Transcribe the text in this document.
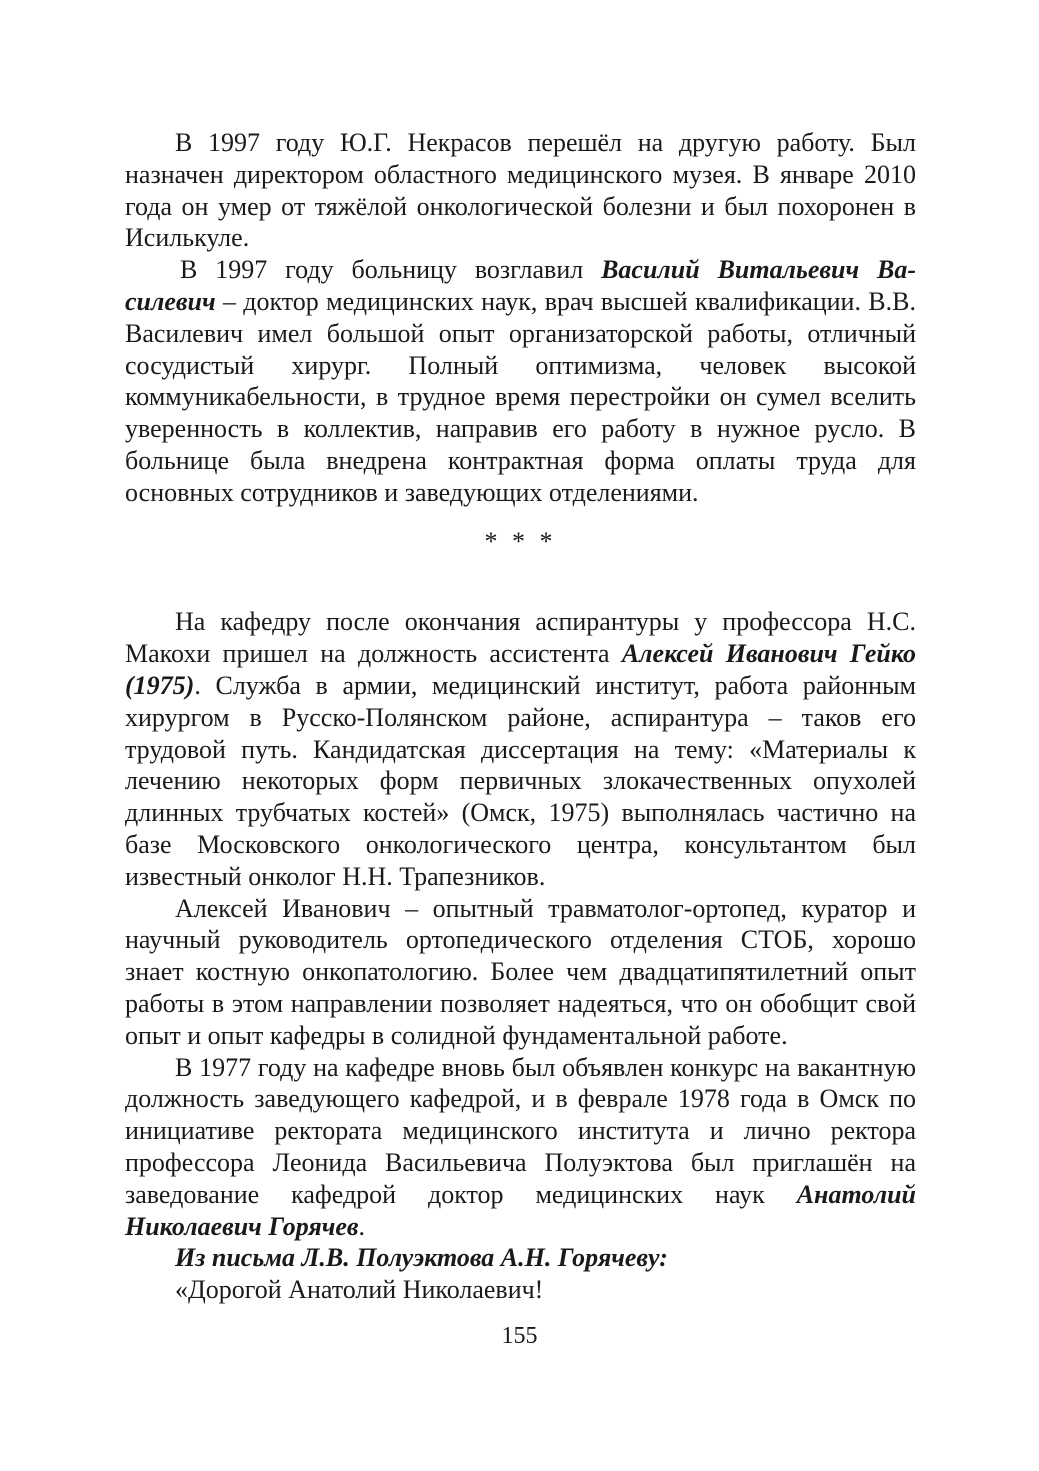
В 1997 году Ю.Г. Некрасов перешёл на другую работу. Был назначен директором областного медицинского музея. В январе 2010 года он умер от тяжёлой онкологической болезни и был похоронен в Исилькуле.

В 1997 году больницу возглавил Василий Витальевич Василевич – доктор медицинских наук, врач высшей квалификации. В.В. Василевич имел большой опыт организаторской работы, отличный сосудистый хирург. Полный оптимизма, человек высокой коммуникабельности, в трудное время перестройки он сумел вселить уверенность в коллектив, направив его работу в нужное русло. В больнице была внедрена контрактная форма оплаты труда для основных сотрудников и заведующих отделениями.

* * *

На кафедру после окончания аспирантуры у профессора Н.С. Макохи пришел на должность ассистента Алексей Иванович Гейко (1975). Служба в армии, медицинский институт, работа районным хирургом в Русско-Полянском районе, аспирантура – таков его трудовой путь. Кандидатская диссертация на тему: «Материалы к лечению некоторых форм первичных злокачественных опухолей длинных трубчатых костей» (Омск, 1975) выполнялась частично на базе Московского онкологического центра, консультантом был известный онколог Н.Н. Трапезников.

Алексей Иванович – опытный травматолог-ортопед, куратор и научный руководитель ортопедического отделения СТОБ, хорошо знает костную онкопатологию. Более чем двадцатипятилетний опыт работы в этом направлении позволяет надеяться, что он обобщит свой опыт и опыт кафедры в солидной фундаментальной работе.

В 1977 году на кафедре вновь был объявлен конкурс на вакантную должность заведующего кафедрой, и в феврале 1978 года в Омск по инициативе ректората медицинского института и лично ректора профессора Леонида Васильевича Полуэктова был приглашён на заведование кафедрой доктор медицинских наук Анатолий Николаевич Горячев.

Из письма Л.В. Полуэктова А.Н. Горячеву:

«Дорогой Анатолий Николаевич!

155
